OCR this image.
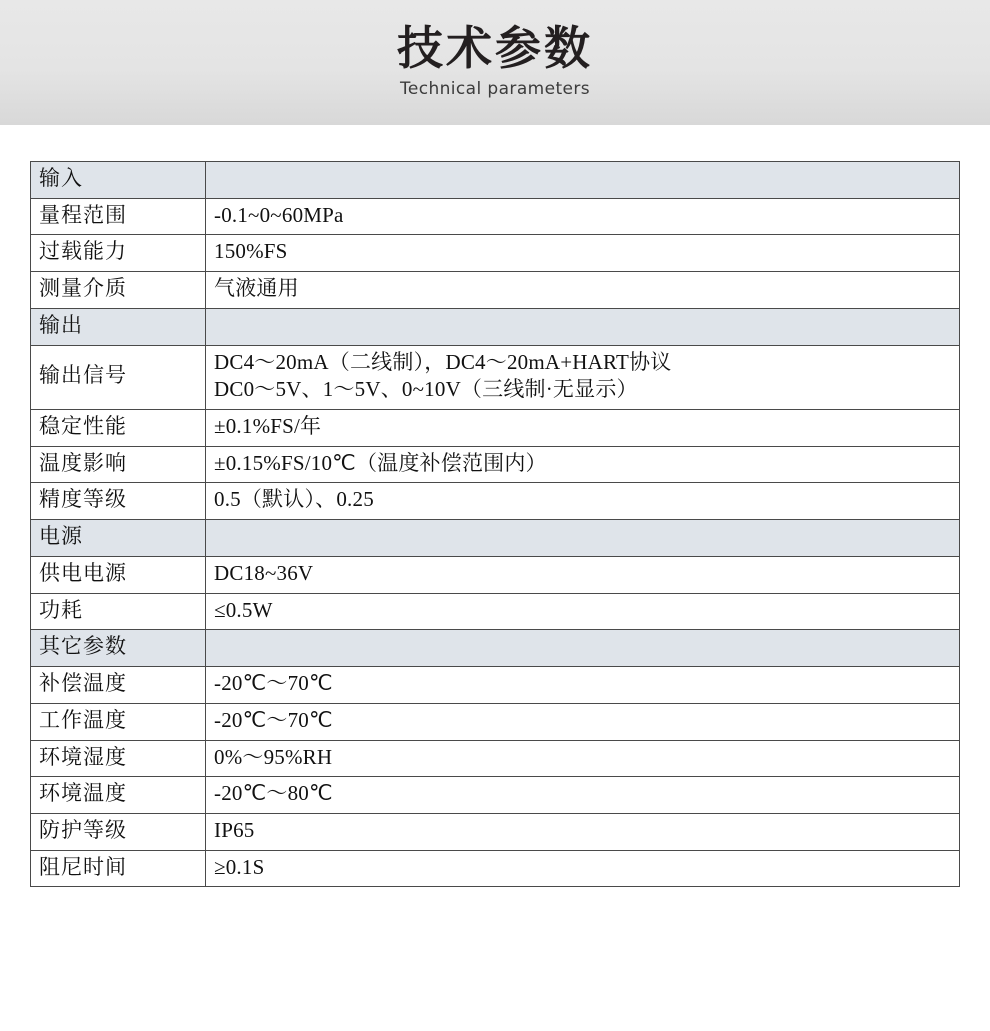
技术参数
Technical parameters
输入	
量程范围	-0.1~0~60MPa
过载能力	150%FS
测量介质	气液通用
输出	
输出信号	DC4～20mA（二线制），DC4～20mA+HART协议
DC0～5V、1～5V、0~10V（三线制·无显示）

稳定性能	±0.1%FS/年
温度影响	±0.15%FS/10℃（温度补偿范围内）
精度等级	0.5（默认）、0.25
电源	
供电电源	DC18~36V
功耗	≤0.5W
其它参数	
补偿温度	-20℃～70℃
工作温度	-20℃～70℃
环境湿度	0%～95%RH
环境温度	-20℃～80℃
防护等级	IP65
阻尼时间	≥0.1S
